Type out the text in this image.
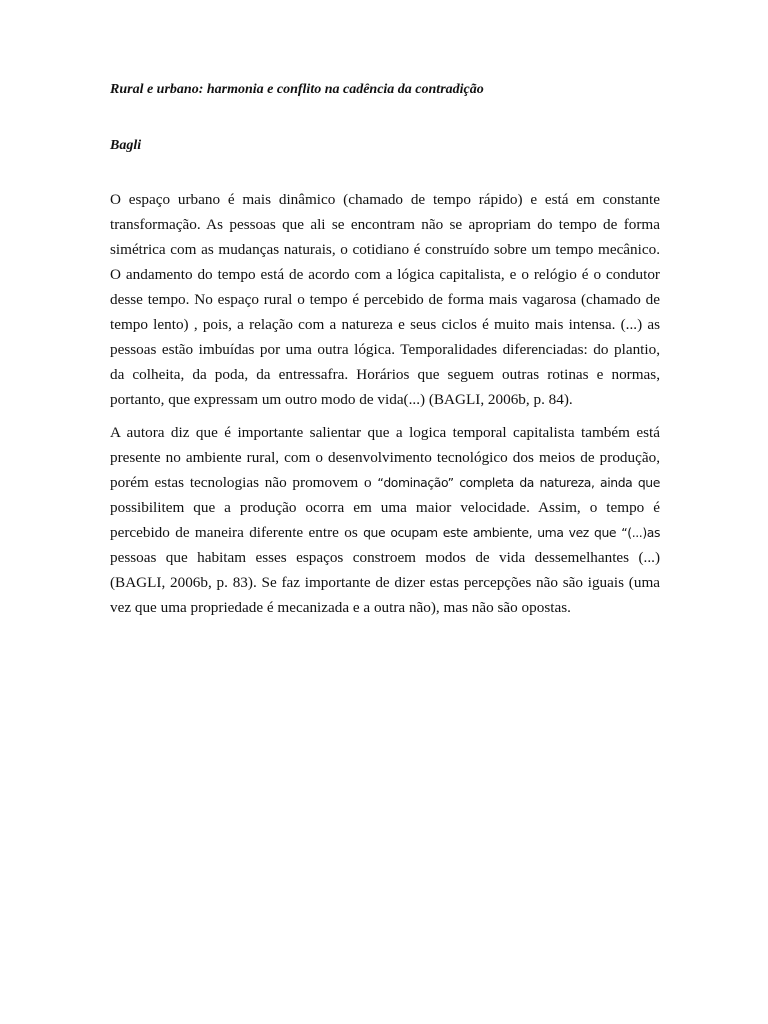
Rural e urbano: harmonia e conflito na cadência da contradição

Bagli

O espaço urbano é mais dinâmico (chamado de tempo rápido) e está em constante
transformação. As pessoas que ali se encontram não se apropriam do tempo de forma
simétrica com as mudanças naturais, o cotidiano é construído sobre um tempo mecânico.
O andamento do tempo está de acordo com a lógica capitalista, e o relógio é o condutor
desse tempo. No espaço rural o tempo é percebido de forma mais vagarosa (chamado de
tempo lento) , pois, a relação com a natureza e seus ciclos é muito mais intensa. (...) as
pessoas estão imbuídas por uma outra lógica. Temporalidades diferenciadas: do plantio,
da colheita, da poda, da entressafra. Horários que seguem outras rotinas e normas,
portanto, que expressam um outro modo de vida(...) (BAGLI, 2006b, p. 84).
A autora diz que é importante salientar que a logica temporal capitalista também está
presente no ambiente rural, com o desenvolvimento tecnológico dos meios de produção,
porém estas tecnologias não promovem o “dominação” completa da natureza, ainda que
possibilitem que a produção ocorra em uma maior velocidade. Assim, o tempo é
percebido de maneira diferente entre os que ocupam este ambiente, uma vez que “(...)as
pessoas que habitam esses espaços constroem modos de vida dessemelhantes (...)
(BAGLI, 2006b, p. 83). Se faz importante de dizer estas percepções não são iguais (uma
vez que uma propriedade é mecanizada e a outra não), mas não são opostas.
